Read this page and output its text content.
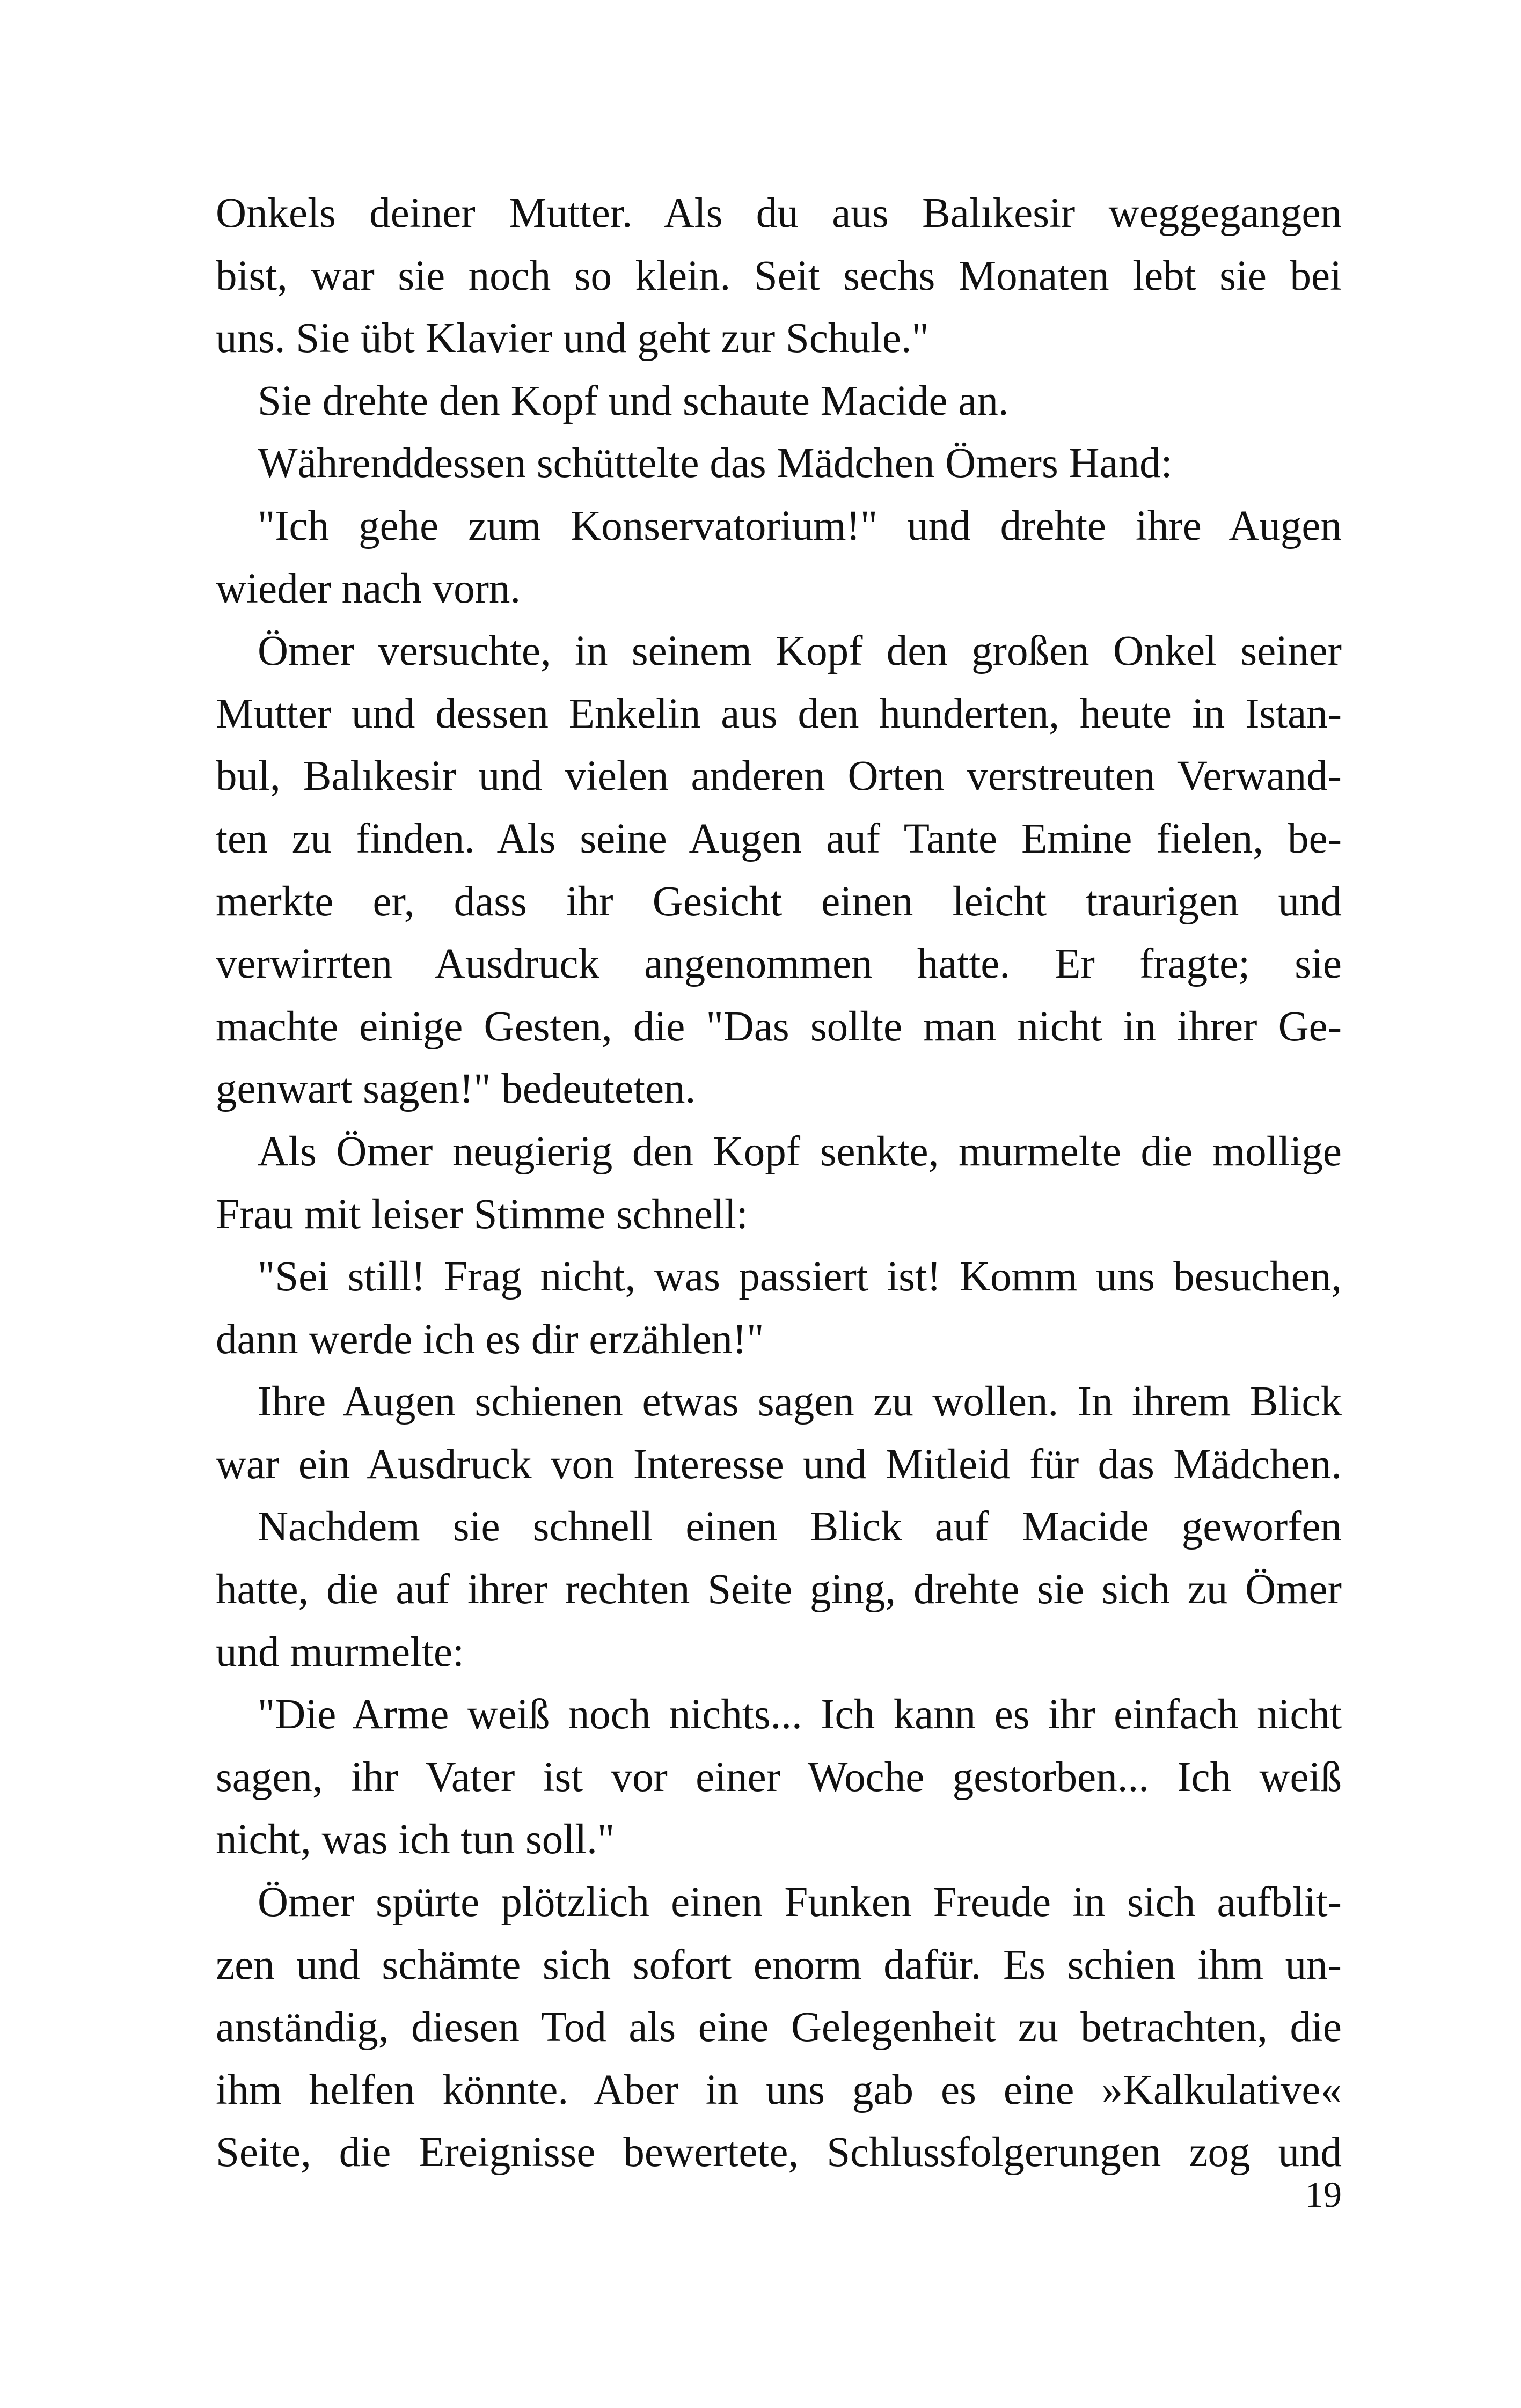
Onkels deiner Mutter. Als du aus Balıkesir weggegangen
bist, war sie noch so klein. Seit sechs Monaten lebt sie bei
uns. Sie übt Klavier und geht zur Schule."
Sie drehte den Kopf und schaute Macide an.
Währenddessen schüttelte das Mädchen Ömers Hand:
"Ich gehe zum Konservatorium!" und drehte ihre Augen
wieder nach vorn.
Ömer versuchte, in seinem Kopf den großen Onkel seiner
Mutter und dessen Enkelin aus den hunderten, heute in Istan-
bul, Balıkesir und vielen anderen Orten verstreuten Verwand-
ten zu finden. Als seine Augen auf Tante Emine fielen, be-
merkte er, dass ihr Gesicht einen leicht traurigen und
verwirrten Ausdruck angenommen hatte. Er fragte; sie
machte einige Gesten, die "Das sollte man nicht in ihrer Ge-
genwart sagen!" bedeuteten.
Als Ömer neugierig den Kopf senkte, murmelte die mollige
Frau mit leiser Stimme schnell:
"Sei still! Frag nicht, was passiert ist! Komm uns besuchen,
dann werde ich es dir erzählen!"
Ihre Augen schienen etwas sagen zu wollen. In ihrem Blick
war ein Ausdruck von Interesse und Mitleid für das Mädchen.
Nachdem sie schnell einen Blick auf Macide geworfen
hatte, die auf ihrer rechten Seite ging, drehte sie sich zu Ömer
und murmelte:
"Die Arme weiß noch nichts... Ich kann es ihr einfach nicht
sagen, ihr Vater ist vor einer Woche gestorben... Ich weiß
nicht, was ich tun soll."
Ömer spürte plötzlich einen Funken Freude in sich aufblit-
zen und schämte sich sofort enorm dafür. Es schien ihm un-
anständig, diesen Tod als eine Gelegenheit zu betrachten, die
ihm helfen könnte. Aber in uns gab es eine »Kalkulative«
Seite, die Ereignisse bewertete, Schlussfolgerungen zog und
19
